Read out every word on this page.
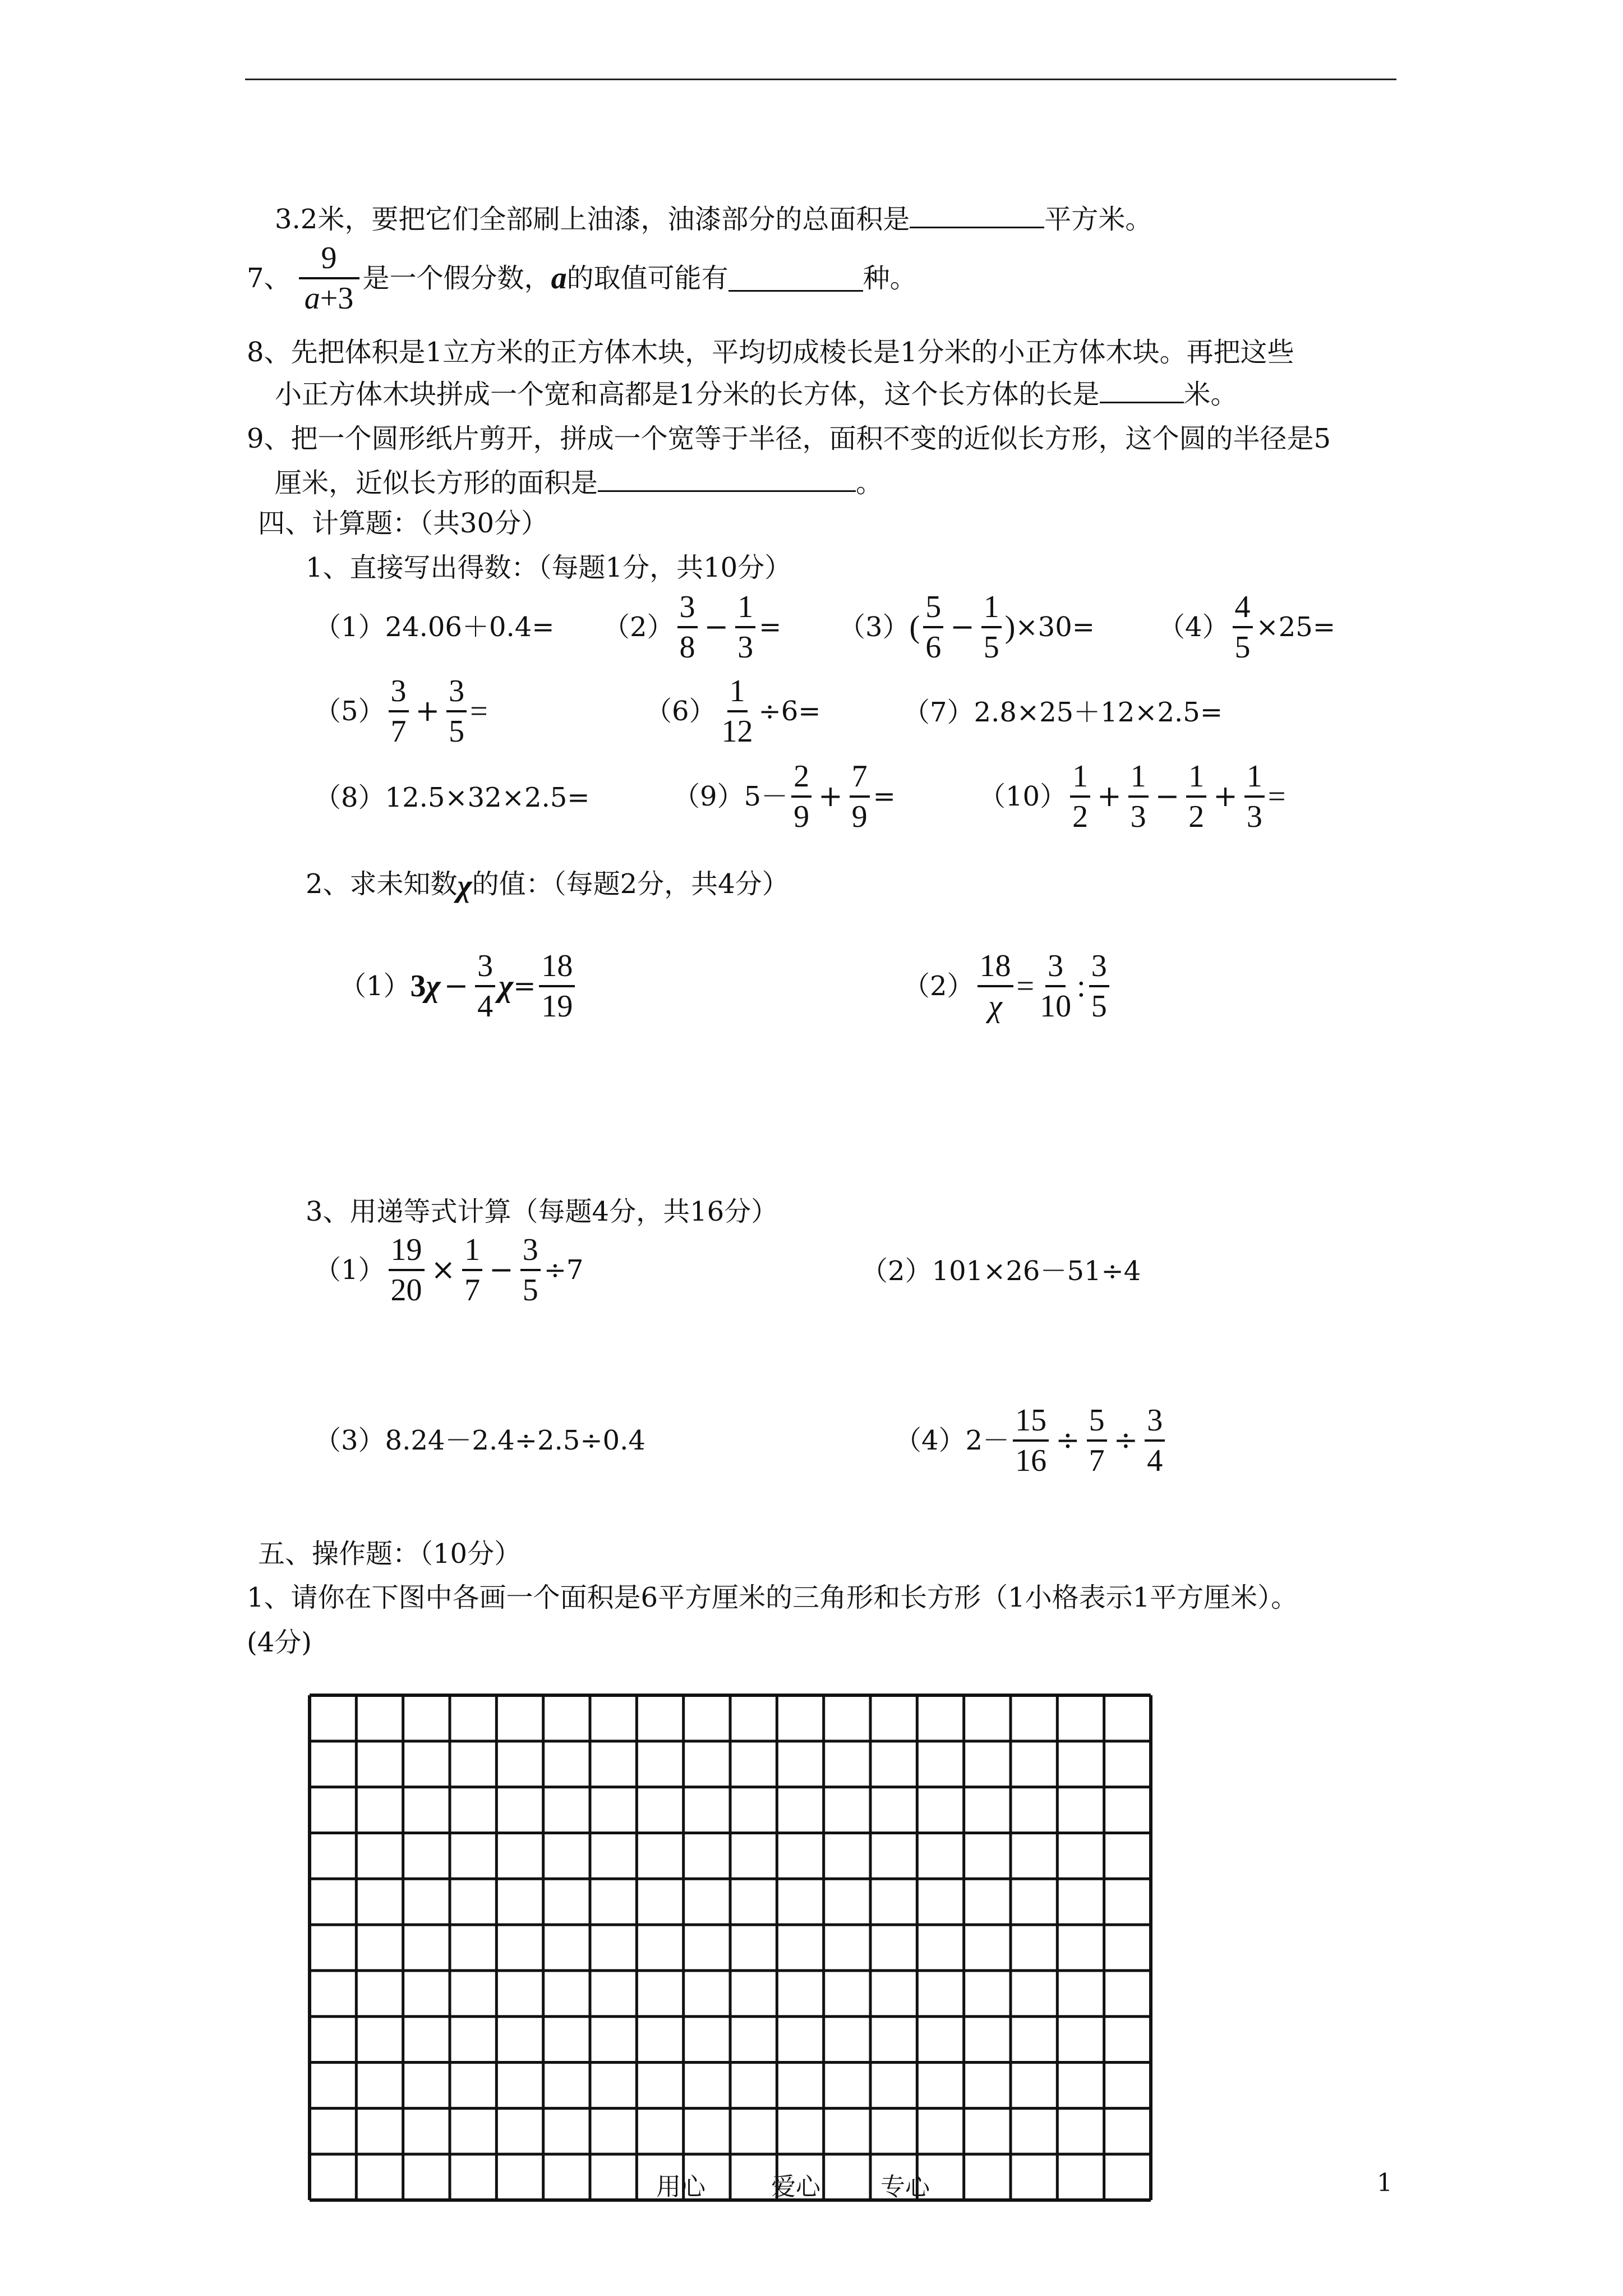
3.2米，要把它们全部刷上油漆，油漆部分的总面积是	平方米。
7、 $\frac{9}{a+3}$ 是一个假分数， a 的取值可能有	种。
8、先把体积是1立方米的正方体木块，平均切成棱长是1分米的小正方体木块。再把这些
小正方体木块拼成一个宽和高都是1分米的长方体，这个长方体的长是	米。
9、把一个圆形纸片剪开，拼成一个宽等于半径，面积不变的近似长方形，这个圆的半径是5
厘米，近似长方形的面积是	。
四、计算题：（共30分）
1、直接写出得数：（每题1分，共10分）
$(1)24.06+0.4= (2) \frac{3}{8} - \frac{1}{3} = (3)$ ( $\frac{5}{6} - \frac{1}{5}$ ) $\times 30= (4) \frac{4}{5} \times 25=$
$(5) \frac{3}{7} + \frac{3}{5}$ =	$(6) \frac{1}{12} \div 6=$	（7）2.8×25＋12×2.5=
（8）12.5×32×2.5=	（9） $5- \frac{2}{9} + \frac{7}{9}$ =	$(10) \frac{1}{2} + \frac{1}{3} - \frac{1}{2} + \frac{1}{3}$ =
2、求未知数χ的值：（每题2分，共4分）
（1） 3 $\chi - \frac{3}{4}$ $\chi = \frac{18}{19}$	$(2) \frac{18}{\chi} = \frac{3}{10}$ : $\frac{3}{5}$
3、用递等式计算（每题4分，共16分）
$(1) \frac{19}{20} \times \frac{1}{7} - \frac{3}{5} \div 7$	（2）101×26－51÷4
（3）8.24－2.4÷2.5÷0.4	（4） $2- \frac{15}{16} \div \frac{5}{7} \div \frac{3}{4}$
五、操作题：（10分）
1、请你在下图中各画一个面积是6平方厘米的三角形和长方形（1小格表示1平方厘米）。
(4分)
用心	爱心 专心	1
